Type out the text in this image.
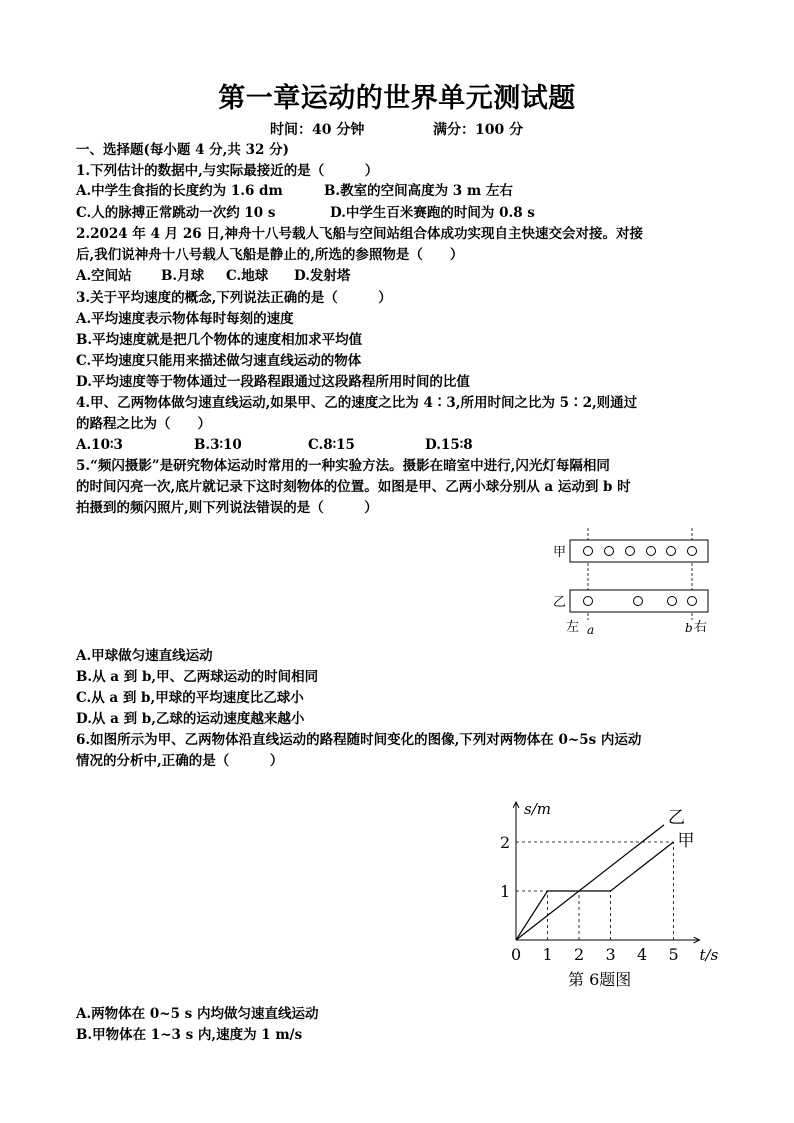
第一章运动的世界单元测试题
时间：40 分钟	满分：100 分
一、选择题(每小题 4 分,共 32 分)
1.下列估计的数据中,与实际最接近的是（　　　）
A.中学生食指的长度约为 1.6 dm	B.教室的空间高度为 3 m 左右
C.人的脉搏正常跳动一次约 10 s	D.中学生百米赛跑的时间为 0.8 s
2.2024 年 4 月 26 日,神舟十八号载人飞船与空间站组合体成功实现自主快速交会对接。对接
后,我们说神舟十八号载人飞船是静止的,所选的参照物是（　　）
A.空间站 B.月球 C.地球 D.发射塔
3.关于平均速度的概念,下列说法正确的是（　　　）
A.平均速度表示物体每时每刻的速度
B.平均速度就是把几个物体的速度相加求平均值
C.平均速度只能用来描述做匀速直线运动的物体
D.平均速度等于物体通过一段路程跟通过这段路程所用时间的比值
4.甲、乙两物体做匀速直线运动,如果甲、乙的速度之比为 4∶3,所用时间之比为 5∶2,则通过
的路程之比为（　　）
A.10∶3	B.3∶10	C.8∶15	D.15∶8
5.“频闪摄影”是研究物体运动时常用的一种实验方法。摄影在暗室中进行,闪光灯每隔相同
的时间闪亮一次,底片就记录下这时刻物体的位置。如图是甲、乙两小球分别从 a 运动到 b 时
拍摄到的频闪照片,则下列说法错误的是（　　　）
甲
乙
左 a	b 右
A.甲球做匀速直线运动
B.从 a 到 b,甲、乙两球运动的时间相同
C.从 a 到 b,甲球的平均速度比乙球小
D.从 a 到 b,乙球的运动速度越来越小
6.如图所示为甲、乙两物体沿直线运动的路程随时间变化的图像,下列对两物体在 0~5s 内运动
情况的分析中,正确的是（　　　）
乙
甲
0 1 2 3 4 5
1
2
s/m
t/s
第 6题图
A.两物体在 0~5 s 内均做匀速直线运动
B.甲物体在 1~3 s 内,速度为 1 m/s
